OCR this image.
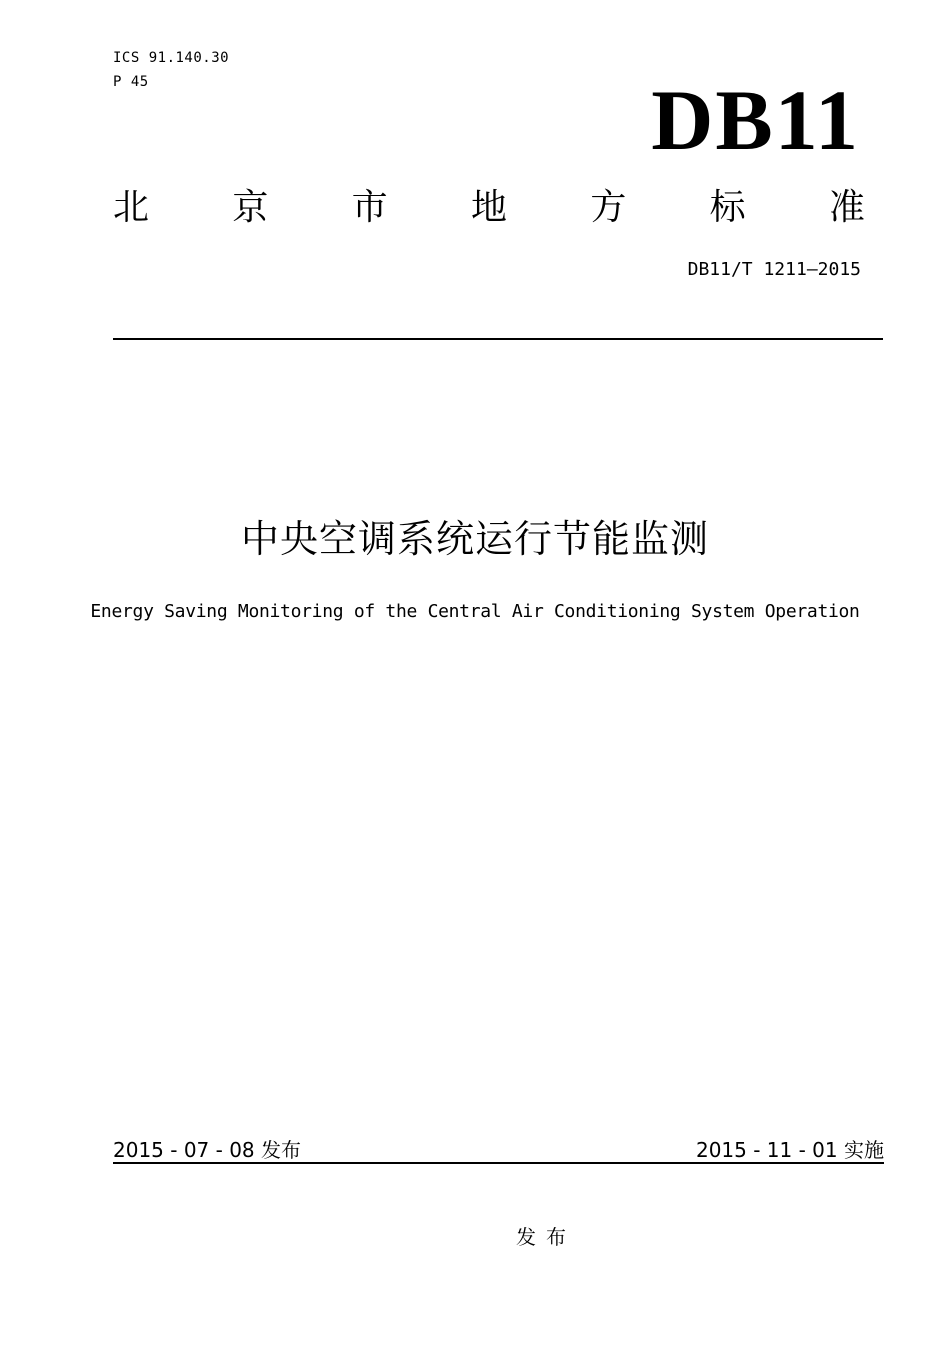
ICS 91.140.30
P 45	DB11
北 京 市 地 方 标 准
DB11/T 1211—2015
中央空调系统运行节能监测
Energy Saving Monitoring of the Central Air Conditioning System Operation
2015 - 07 - 08 发布	2015 - 11 - 01 实施
发布
